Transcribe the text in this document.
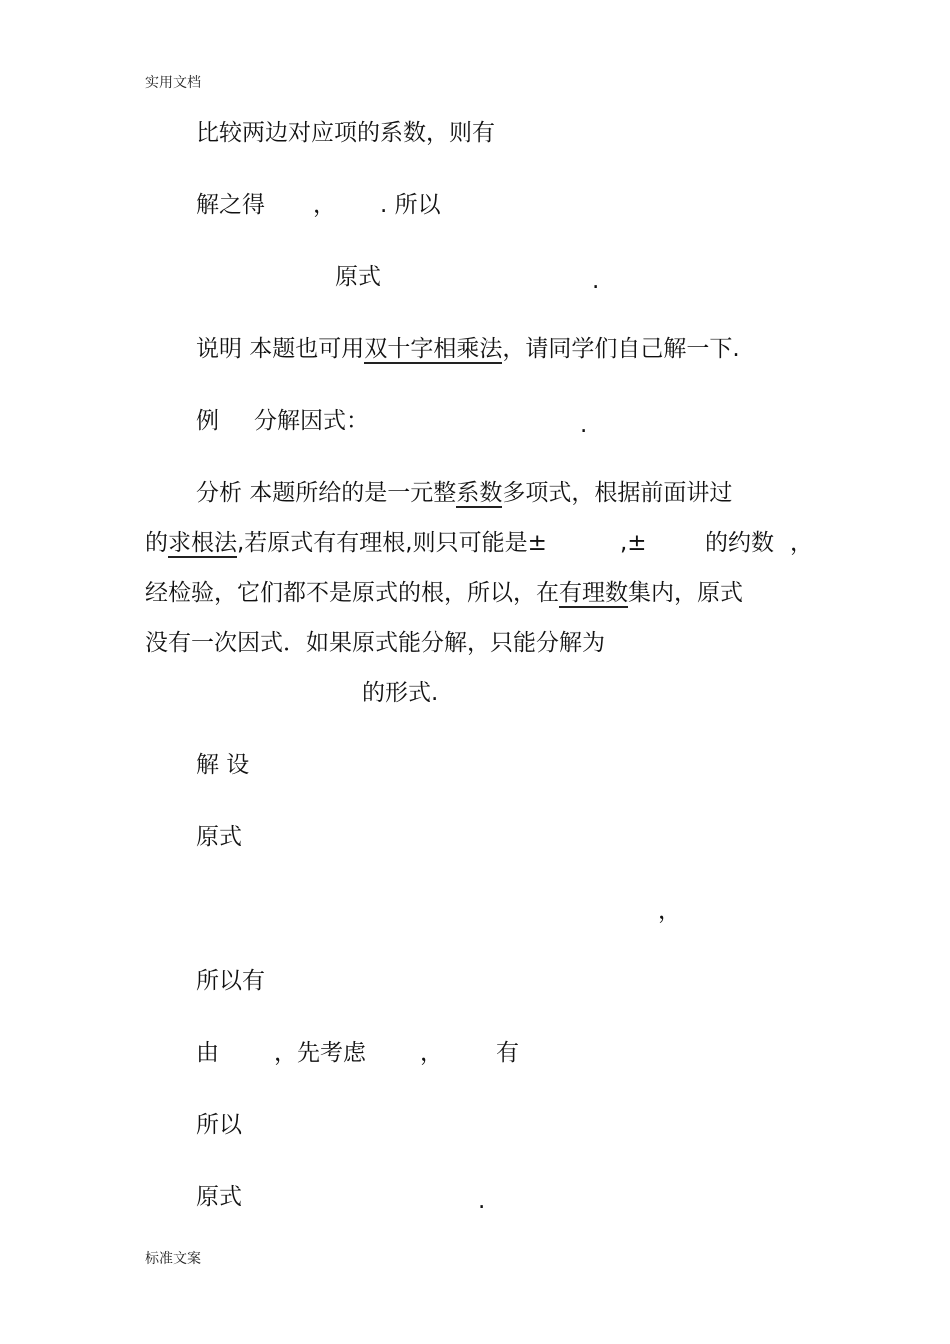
实用文档
比较两边对应项的系数，则有
解之得 ， . 所以
原式	.
说明 本题也可用双十字相乘法，请同学们自己解一下.
例 分解因式：	.
分析 本题所给的是一元整系数多项式，根据前面讲过
的求根法,若原式有有理根,则只可能是±	,±	的约数 ，
经检验，它们都不是原式的根，所以，在有理数集内，原式
没有一次因式．如果原式能分解，只能分解为
的形式.
解 设
原式
，
所以有
由 ，先考虑 ， 有
所以
原式	.
标准文案
